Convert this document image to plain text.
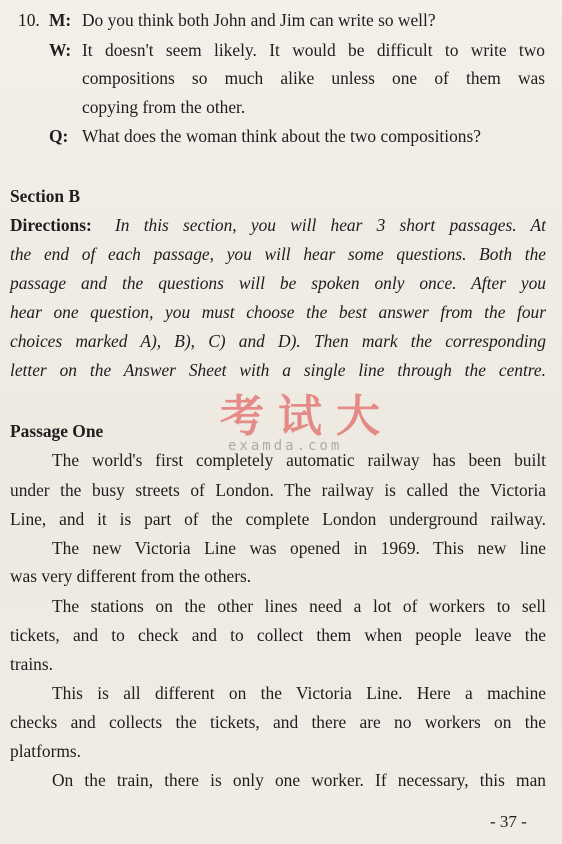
10. M: Do you think both John and Jim can write so well?
W: It doesn't seem likely. It would be difficult to write two
compositions so much alike unless one of them was
copying from the other.
Q: What does the woman think about the two compositions?
Section B
Directions: In this section, you will hear 3 short passages. At
the end of each passage, you will hear some questions. Both the
passage and the questions will be spoken only once. After you
hear one question, you must choose the best answer from the four
choices marked A), B), C) and D). Then mark the corresponding
letter on the Answer Sheet with a single line through the centre.
Passage One
The world's first completely automatic railway has been built
under the busy streets of London. The railway is called the Victoria
Line, and it is part of the complete London underground railway.
The new Victoria Line was opened in 1969. This new line
was very different from the others.
The stations on the other lines need a lot of workers to sell
tickets, and to check and to collect them when people leave the
trains.
This is all different on the Victoria Line. Here a machine
checks and collects the tickets, and there are no workers on the
platforms.
On the train, there is only one worker. If necessary, this man
考试大
examda.com
- 37 -
